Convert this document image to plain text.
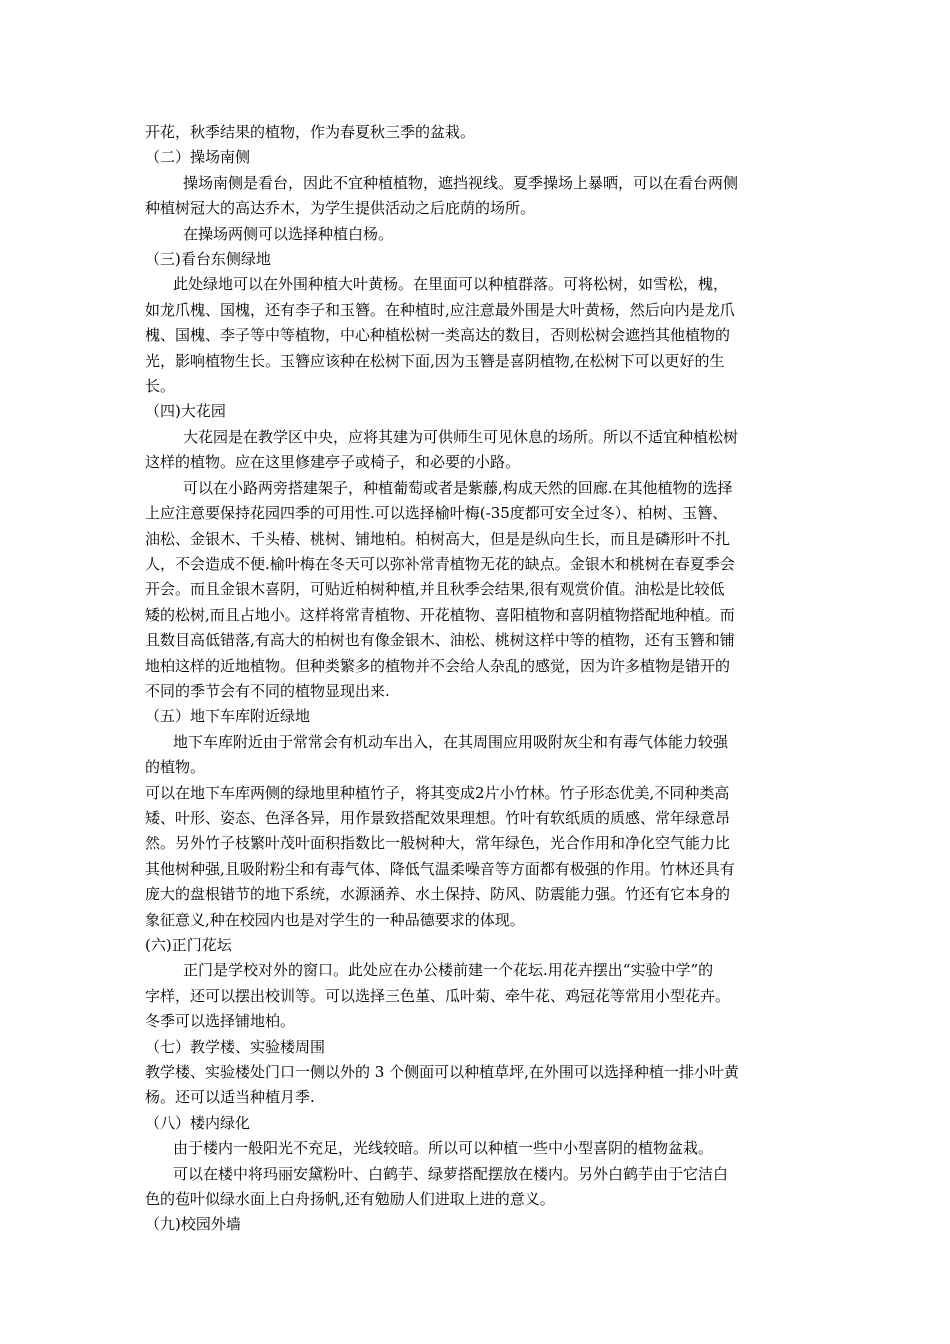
开花，秋季结果的植物，作为春夏秋三季的盆栽。
（二）操场南侧
操场南侧是看台，因此不宜种植植物，遮挡视线。夏季操场上暴晒，可以在看台两侧
种植树冠大的高达乔木，为学生提供活动之后庇荫的场所。
在操场两侧可以选择种植白杨。
（三)看台东侧绿地
此处绿地可以在外围种植大叶黄杨。在里面可以种植群落。可将松树，如雪松，槐，
如龙爪槐、国槐，还有李子和玉簪。在种植时,应注意最外围是大叶黄杨，然后向内是龙爪
槐、国槐、李子等中等植物，中心种植松树一类高达的数目，否则松树会遮挡其他植物的
光，影响植物生长。玉簪应该种在松树下面,因为玉簪是喜阴植物,在松树下可以更好的生
长。
（四)大花园
大花园是在教学区中央，应将其建为可供师生可见休息的场所。所以不适宜种植松树
这样的植物。应在这里修建亭子或椅子，和必要的小路。
可以在小路两旁搭建架子，种植葡萄或者是紫藤,构成天然的回廊.在其他植物的选择
上应注意要保持花园四季的可用性.可以选择榆叶梅(-35度都可安全过冬）、柏树、玉簪、
油松、金银木、千头椿、桃树、铺地柏。柏树高大，但是是纵向生长，而且是磷形叶不扎
人，不会造成不便.榆叶梅在冬天可以弥补常青植物无花的缺点。金银木和桃树在春夏季会
开会。而且金银木喜阴，可贴近柏树种植,并且秋季会结果,很有观赏价值。油松是比较低
矮的松树,而且占地小。这样将常青植物、开花植物、喜阳植物和喜阴植物搭配地种植。而
且数目高低错落,有高大的柏树也有像金银木、油松、桃树这样中等的植物，还有玉簪和铺
地柏这样的近地植物。但种类繁多的植物并不会给人杂乱的感觉，因为许多植物是错开的
不同的季节会有不同的植物显现出来.
（五）地下车库附近绿地
地下车库附近由于常常会有机动车出入，在其周围应用吸附灰尘和有毒气体能力较强
的植物。
可以在地下车库两侧的绿地里种植竹子，将其变成2片小竹林。竹子形态优美,不同种类高
矮、叶形、姿态、色泽各异，用作景致搭配效果理想。竹叶有软纸质的质感、常年绿意昂
然。另外竹子枝繁叶茂叶面积指数比一般树种大，常年绿色，光合作用和净化空气能力比
其他树种强,且吸附粉尘和有毒气体、降低气温柔噪音等方面都有极强的作用。竹林还具有
庞大的盘根错节的地下系统，水源涵养、水土保持、防风、防震能力强。竹还有它本身的
象征意义,种在校园内也是对学生的一种品德要求的体现。
(六)正门花坛
正门是学校对外的窗口。此处应在办公楼前建一个花坛.用花卉摆出“实验中学”的
字样，还可以摆出校训等。可以选择三色堇、瓜叶菊、牵牛花、鸡冠花等常用小型花卉。
冬季可以选择铺地柏。
（七）教学楼、实验楼周围
教学楼、实验楼处门口一侧以外的 3 个侧面可以种植草坪,在外围可以选择种植一排小叶黄
杨。还可以适当种植月季.
（八）楼内绿化
由于楼内一般阳光不充足，光线较暗。所以可以种植一些中小型喜阴的植物盆栽。
可以在楼中将玛丽安黛粉叶、白鹤芋、绿萝搭配摆放在楼内。另外白鹤芋由于它洁白
色的苞叶似绿水面上白舟扬帆,还有勉励人们进取上进的意义。
（九)校园外墙
